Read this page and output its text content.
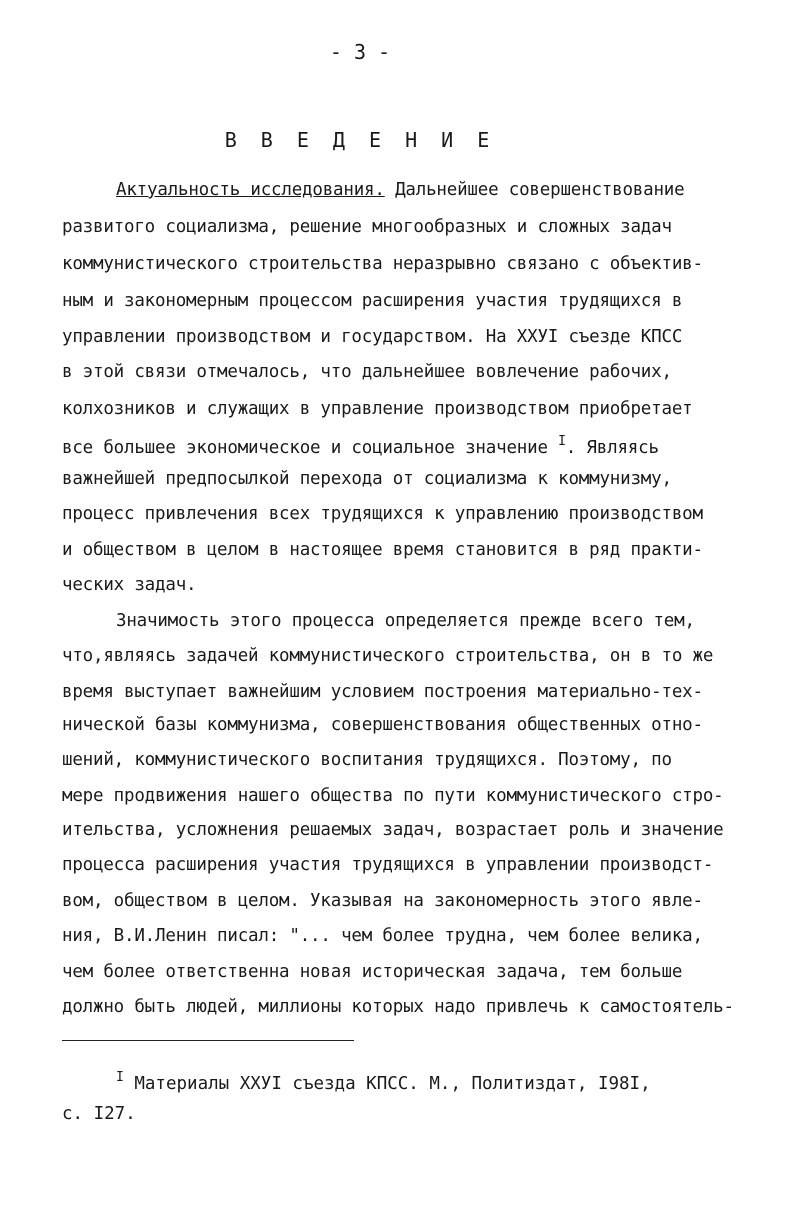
- 3 -
В В Е Д Е Н И Е
Актуальность исследования. Дальнейшее совершенствование
развитого социализма, решение многообразных и сложных задач
коммунистического строительства неразрывно связано с объектив-
ным и закономерным процессом расширения участия трудящихся в
управлении производством и государством. На XXУI съезде КПСС
в этой связи отмечалось, что дальнейшее вовлечение рабочих,
колхозников и служащих в управление производством приобретает
все большее экономическое и социальное значение $^I$. Являясь
важнейшей предпосылкой перехода от социализма к коммунизму,
процесс привлечения всех трудящихся к управлению производством
и обществом в целом в настоящее время становится в ряд практи-
ческих задач.
Значимость этого процесса определяется прежде всего тем,
что,являясь задачей коммунистического строительства, он в то же
время выступает важнейшим условием построения материально-тех-
нической базы коммунизма, совершенствования общественных отно-
шений, коммунистического воспитания трудящихся. Поэтому, по
мере продвижения нашего общества по пути коммунистического стро-
ительства, усложнения решаемых задач, возрастает роль и значение
процесса расширения участия трудящихся в управлении производст-
вом, обществом в целом. Указывая на закономерность этого явле-
ния, В.И.Ленин писал: "... чем более трудна, чем более велика,
чем более ответственна новая историческая задача, тем больше
должно быть людей, миллионы которых надо привлечь к самостоятель-
$^I$ Материалы XXУI съезда КПСС. М., Политиздат, I98I,
с. I27.
